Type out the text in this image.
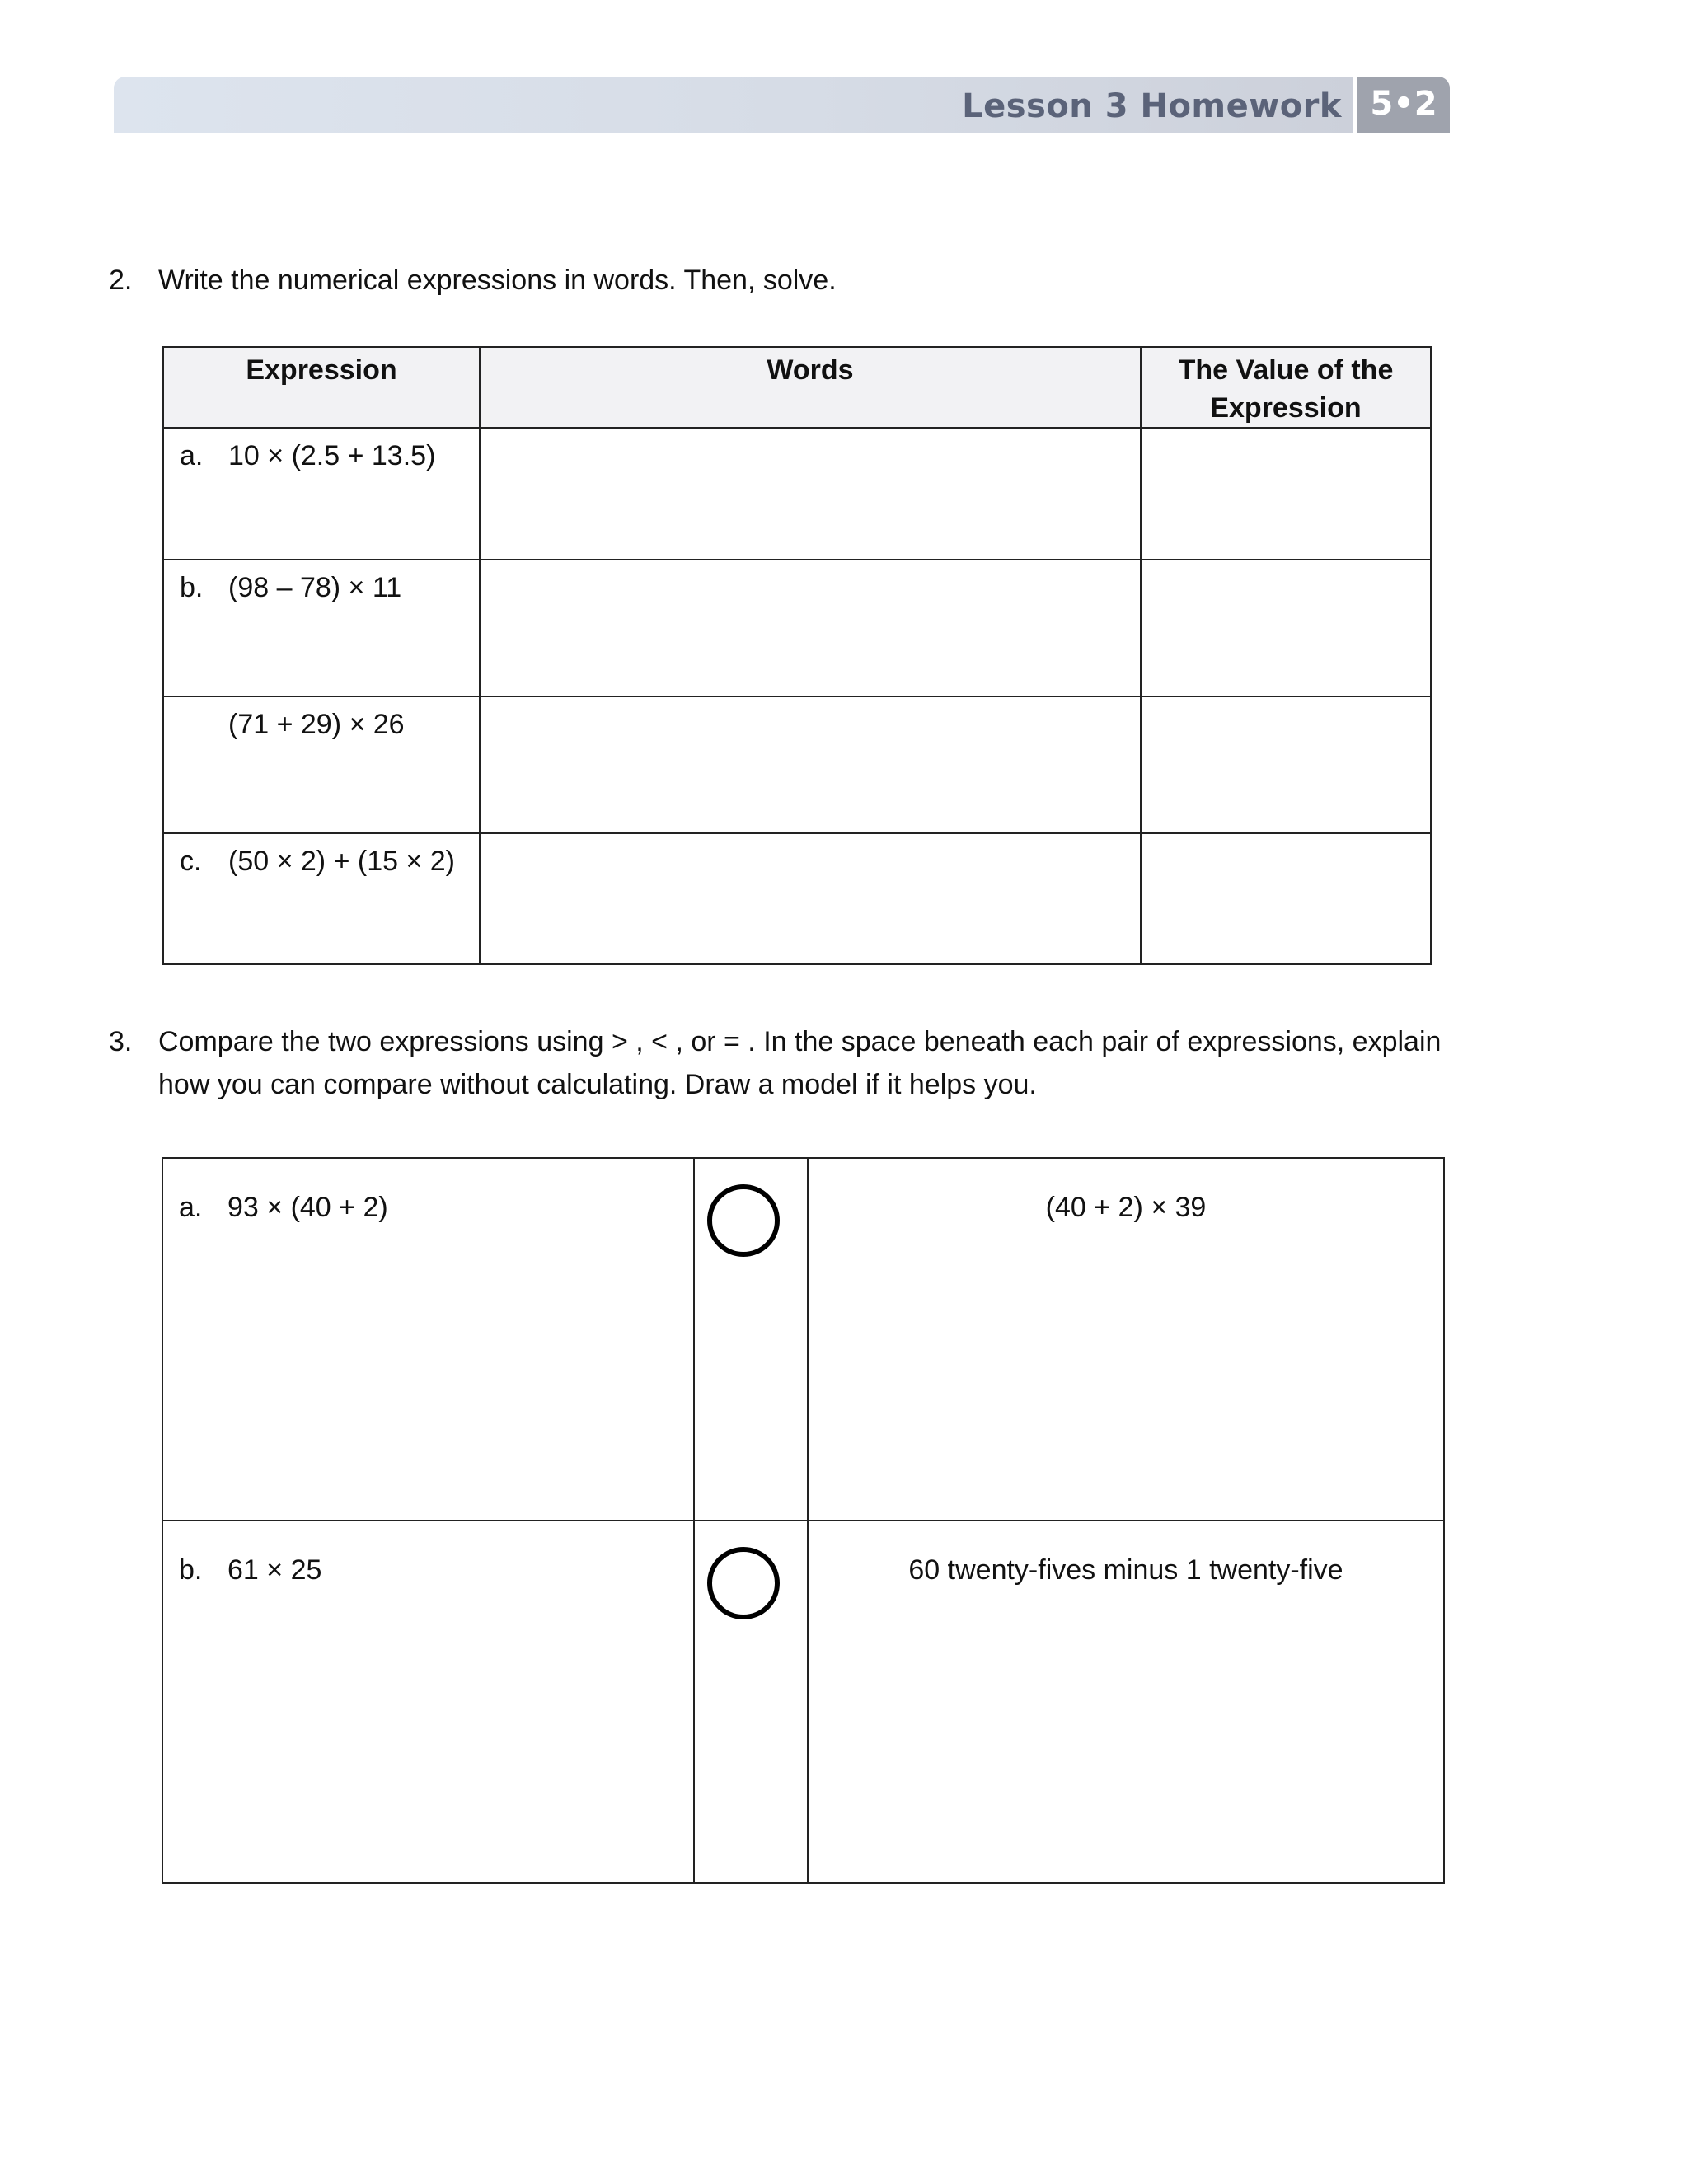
Lesson 3 Homework 5•2
2. Write the numerical expressions in words. Then, solve.
Expression	Words	The Value of the
Expression

a. 10 × (2.5 + 13.5)		

b. (98 – 78) × 11		

(71 + 29) × 26		

c. (50 × 2) + (15 × 2)		

3. Compare the two expressions using > , < , or = . In the space beneath each pair of expressions, explain
how you can compare without calculating. Draw a model if it helps you.
a. 93 × (40 + 2)		(40 + 2) × 39

b. 61 × 25		60 twenty-fives minus 1 twenty-five
